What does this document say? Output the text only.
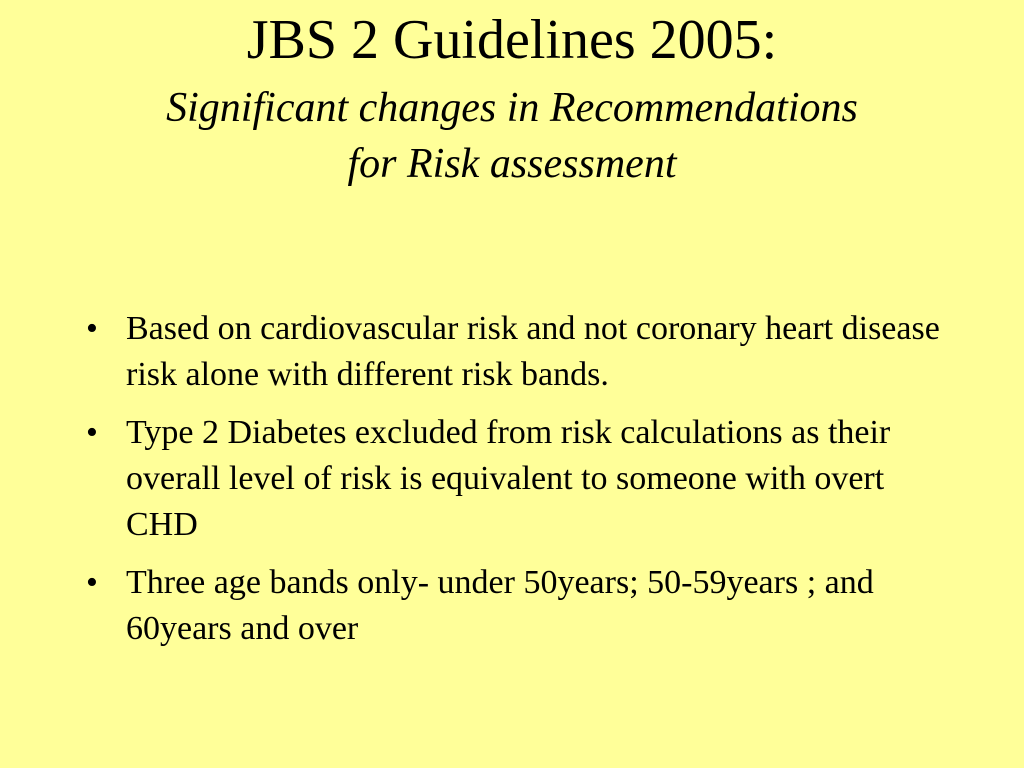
JBS 2 Guidelines 2005:
Significant changes in Recommendations
for Risk assessment
• Based on cardiovascular risk and not coronary heart disease risk alone with different risk bands.
• Type 2 Diabetes excluded from risk calculations as their overall level of risk is equivalent to someone with overt CHD
• Three age bands only- under 50years; 50-59years ; and 60years and over
